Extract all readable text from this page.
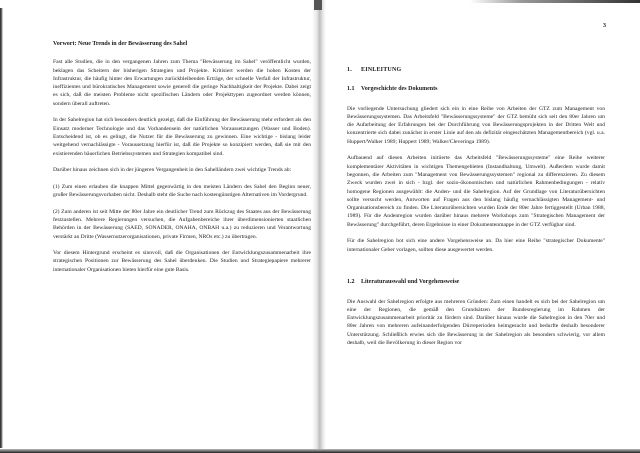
Vorwort: Neue Trends in der Bewässerung des Sahel

Fast alle Studien, die in den vergangenen Jahren zum Thema "Bewässerung im Sahel" veröffentlicht wurden, beklagen das Scheitern der bisherigen Strategien und Projekte. Kritisiert werden die hohen Kosten der Infrastruktur, die häufig hinter den Erwartungen zurückbleibenden Erträge, der schnelle Verfall der Infrastruktur, ineffizientes und bürokratisches Management sowie generell die geringe Nachhaltigkeit der Projekte. Dabei zeigt es sich, daß die meisten Probleme nicht spezifischen Ländern oder Projekttypen zugeordnet werden können, sondern überall auftreten.

In der Sahelregion hat sich besonders deutlich gezeigt, daß die Einführung der Bewässerung mehr erfordert als den Einsatz moderner Technologie und das Vorhandensein der natürlichen Voraussetzungen (Wasser und Boden). Entscheidend ist, ob es gelingt, die Nutzer für die Bewässerung zu gewinnen. Eine wichtige - bislang leider weitgehend vernachlässigte - Voraussetzung hierfür ist, daß die Projekte so konzipiert werden, daß sie mit den existierenden bäuerlichen Betriebssystemen und Strategien kompatibel sind.

Darüber hinaus zeichnen sich in der jüngeren Vergangenheit in den Sahelländern zwei wichtige Trends ab:

(1) Zum einen erlauben die knappen Mittel gegenwärtig in den meisten Ländern des Sahel den Beginn neuer, großer Bewässerungsvorhaben nicht. Deshalb steht die Suche nach kostengünstigen Alternativen im Vordergrund.

(2) Zum anderen ist seit Mitte der 80er Jahre ein deutlicher Trend zum Rückzug des Staates aus der Bewässerung festzustellen. Mehrere Regierungen versuchen, die Aufgabenbereiche ihrer überdimensionierten staatlichen Behörden in der Bewässerung (SAED, SONADER, ONAHA, ONBAH u.a.) zu reduzieren und Verantwortung verstärkt an Dritte (Wassernutzerorganisationen, private Firmen, NROs etc.) zu übertragen.

Vor diesem Hintergrund erscheint es sinnvoll, daß die Organisationen der Entwicklungszusammenarbeit ihre strategischen Positionen zur Bewässerung des Sahel überdenken. Die Studien und Strategiepapiere mehrerer internationaler Organisationen bieten hierfür eine gute Basis.

3
1. EINLEITUNG
1.1 Vorgeschichte des Dokuments

Die vorliegende Untersuchung gliedert sich ein in eine Reihe von Arbeiten der GTZ zum Management von Bewässerungssystemen. Das Arbeitsfeld "Bewässerungssysteme" der GTZ bemüht sich seit den 80er Jahren um die Aufarbeitung der Erfahrungen bei der Durchführung von Bewässerungsprojekten in der Dritten Welt und konzentrierte sich dabei zunächst in erster Linie auf den als defizitär eingeschätzten Managementbereich (vgl. u.a. Huppert/Walker 1989; Huppert 1989; Walker/Cleveringa 1989).

Aufbauend auf diesen Arbeiten initiierte das Arbeitsfeld "Bewässerungssysteme" eine Reihe weiterer komplementärer Aktivitäten in wichtigen Themengebieten (Instandhaltung, Umwelt). Außerdem wurde damit begonnen, die Arbeiten zum "Management von Bewässerungssystemen" regional zu differenzieren. Zu diesem Zweck wurden zwei in sich - bzgl. der sozio-ökonomischen und natürlichen Rahmenbedingungen - relativ homogene Regionen ausgewählt: die Anden- und die Sahelregion. Auf der Grundlage von Literaturübersichten sollte versucht werden, Antworten auf Fragen aus den bislang häufig vernachlässigten Management- und Organisationsbereich zu finden. Die Literaturübersichten wurden Ende der 80er Jahre fertiggestellt (Urban 1988, 1989). Für die Andenregion wurden darüber hinaus mehrere Workshops zum "Strategischen Management der Bewässerung" durchgeführt, deren Ergebnisse in einer Dokumentenmappe in der GTZ verfügbar sind.

Für die Sahelregion bot sich eine andere Vorgehensweise an. Da hier eine Reihe "strategischer Dokumente" internationaler Geber vorlagen, sollten diese ausgewertet werden.

1.2 Literaturauswahl und Vorgehensweise

Die Auswahl der Sahelregion erfolgte aus mehreren Gründen: Zum einen handelt es sich bei der Sahelregion um eine der Regionen, die gemäß den Grundsätzen der Bundesregierung im Rahmen der Entwicklungszusammenarbeit prioritär zu fördern sind. Darüber hinaus wurde die Sahelregion in den 70er und 80er Jahren von mehreren aufeinanderfolgenden Dürreperioden heimgesucht und bedurfte deshalb besonderer Unterstützung. Schließlich erwies sich die Bewässerung in der Sahelregion als besonders schwierig, vor allem deshalb, weil die Bevölkerung in dieser Region vor
